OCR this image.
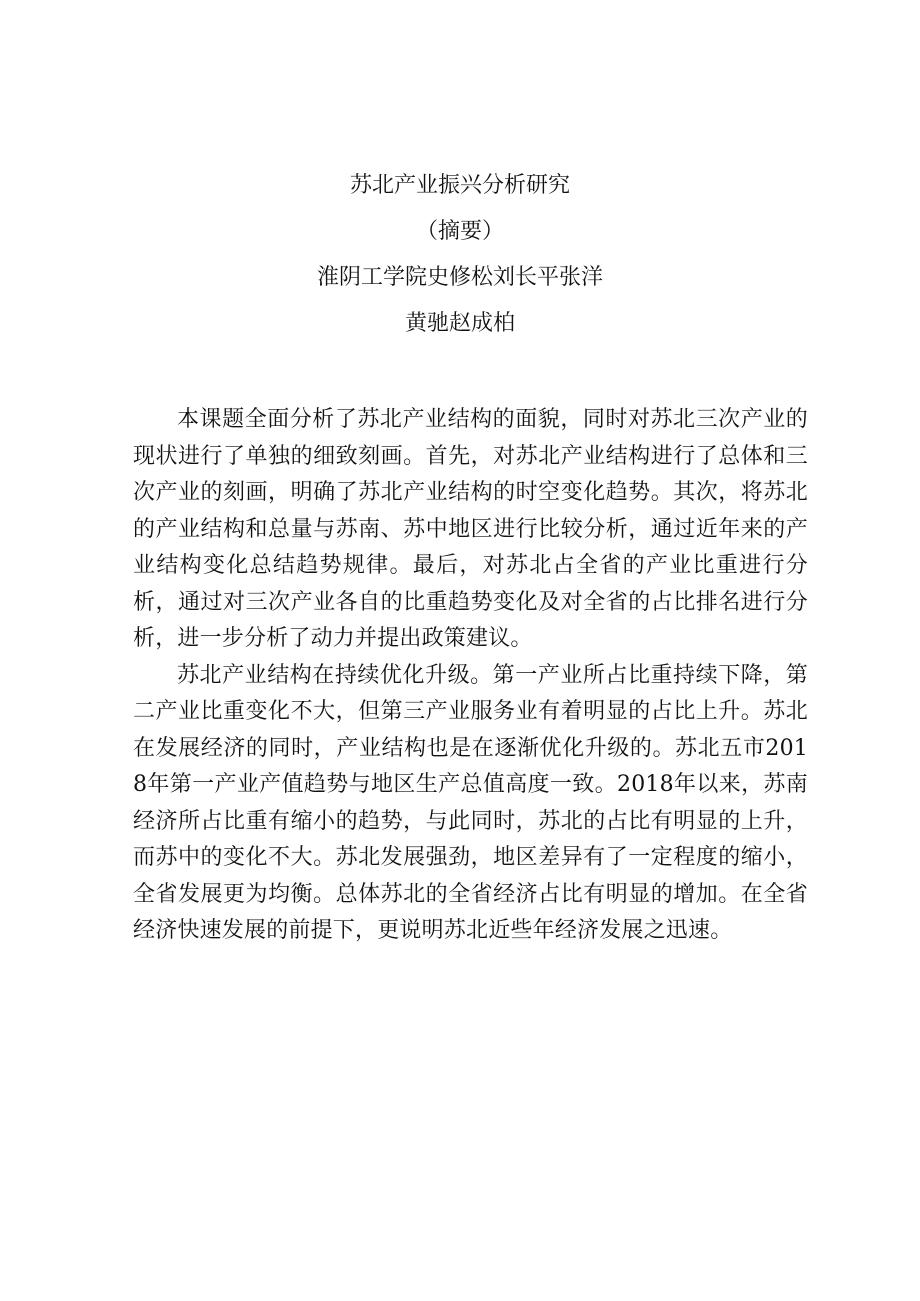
苏北产业振兴分析研究
（摘要）
淮阴工学院史修松刘长平张洋
黄驰赵成柏

本课题全面分析了苏北产业结构的面貌，同时对苏北三次产业的现状进行了单独的细致刻画。首先，对苏北产业结构进行了总体和三次产业的刻画，明确了苏北产业结构的时空变化趋势。其次，将苏北的产业结构和总量与苏南、苏中地区进行比较分析，通过近年来的产业结构变化总结趋势规律。最后，对苏北占全省的产业比重进行分析，通过对三次产业各自的比重趋势变化及对全省的占比排名进行分析，进一步分析了动力并提出政策建议。

苏北产业结构在持续优化升级。第一产业所占比重持续下降，第二产业比重变化不大，但第三产业服务业有着明显的占比上升。苏北在发展经济的同时，产业结构也是在逐渐优化升级的。苏北五市2018年第一产业产值趋势与地区生产总值高度一致。2018年以来，苏南经济所占比重有缩小的趋势，与此同时，苏北的占比有明显的上升，而苏中的变化不大。苏北发展强劲，地区差异有了一定程度的缩小，全省发展更为均衡。总体苏北的全省经济占比有明显的增加。在全省经济快速发展的前提下，更说明苏北近些年经济发展之迅速。
